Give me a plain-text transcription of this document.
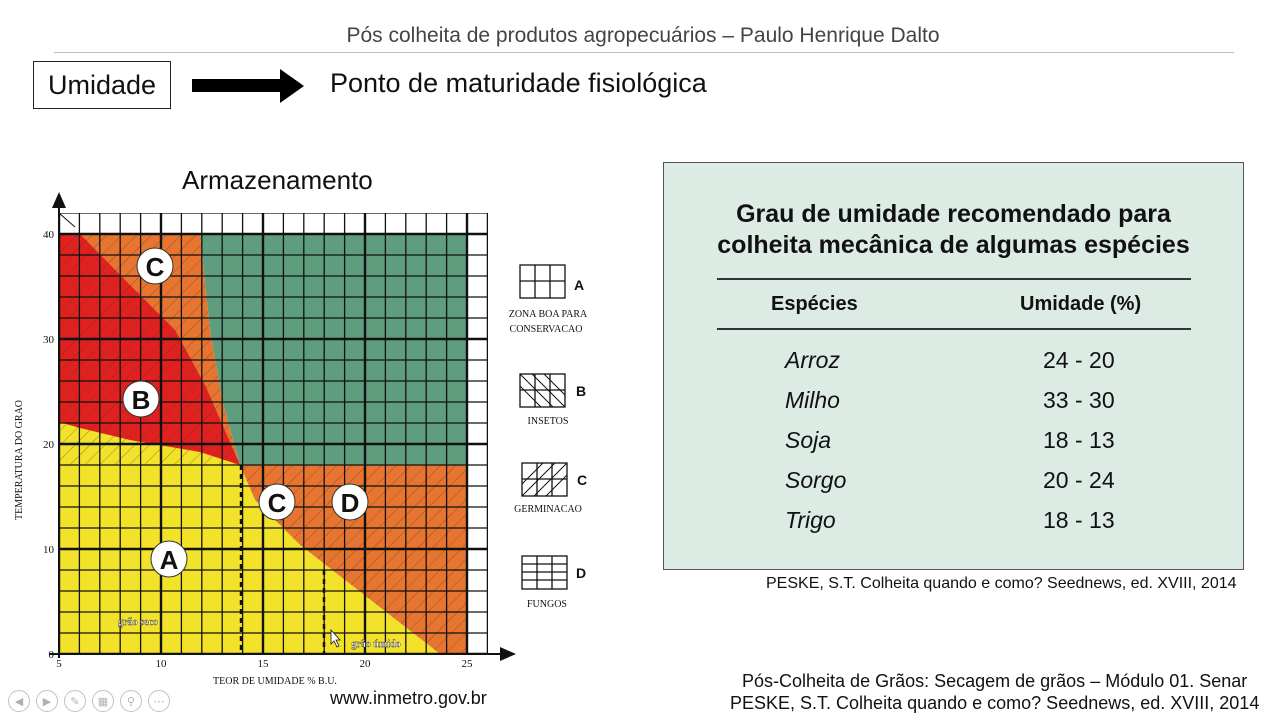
Pós colheita de produtos agropecuários – Paulo Henrique Dalto
Umidade	Ponto de maturidade fisiológica
Armazenamento
0
10
20
30
40
5	10	15	20	25
TEOR DE UMIDADE % B.U.
TEMPERATURA DO GRAO
C
B
C D
A
grão seco
grão úmido
A
ZONA BOA PARA
CONSERVACAO
B
INSETOS
C
GERMINACAO
D
FUNGOS
Grau de umidade recomendado para
colheita mecânica de algumas espécies
Espécies	Umidade (%)
Arroz	24 - 20
Milho	33 - 30
Soja	18 - 13
Sorgo	20 - 24
Trigo	18 - 13
PESKE, S.T. Colheita quando e como? Seednews, ed. XVIII, 2014
www.inmetro.gov.br
Pós-Colheita de Grãos: Secagem de grãos – Módulo 01. Senar
PESKE, S.T. Colheita quando e como? Seednews, ed. XVIII, 2014
◀	▶	✎	▦	⚲	⋯
